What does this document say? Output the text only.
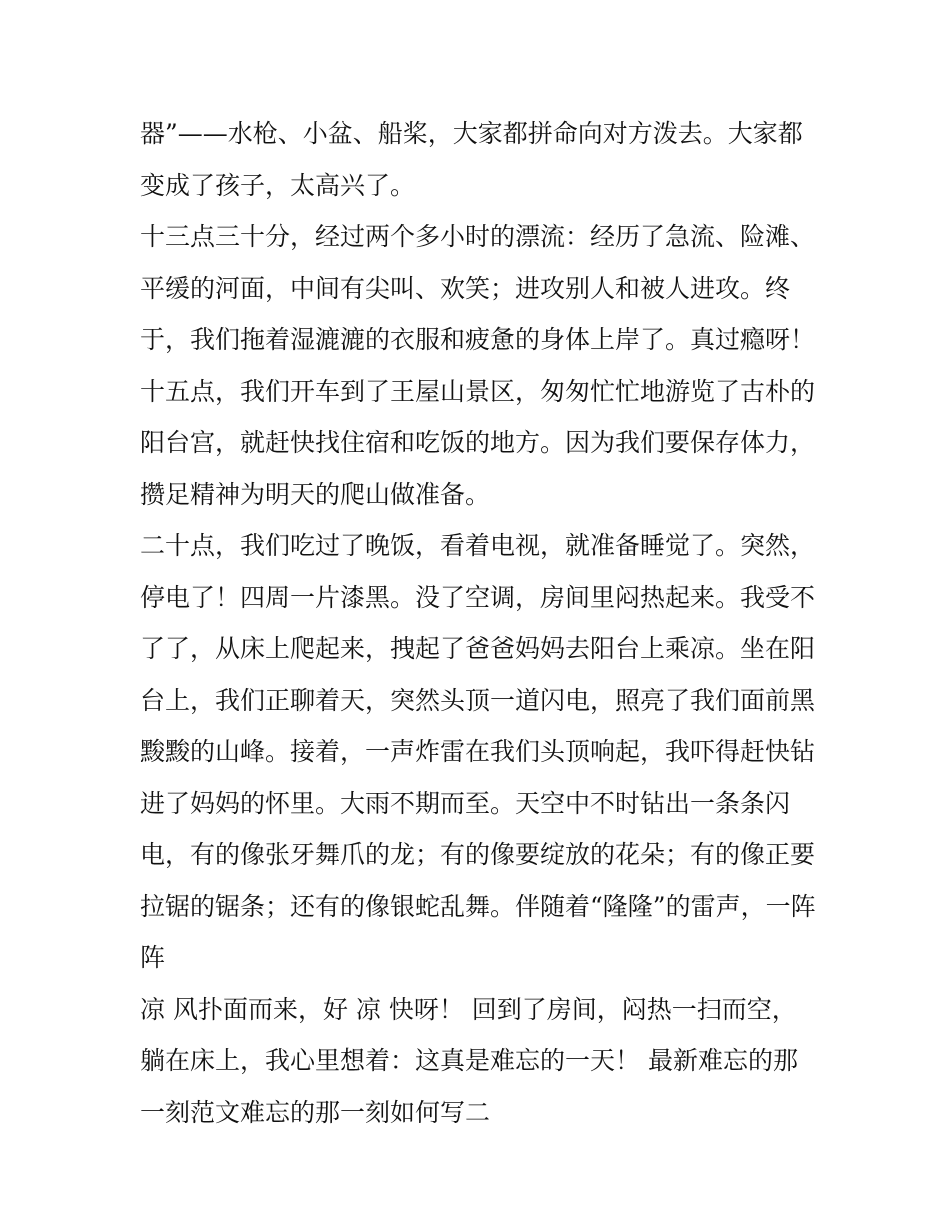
器”——水枪、小盆、船桨，大家都拼命向对方泼去。大家都
变成了孩子，太高兴了。
十三点三十分，经过两个多小时的漂流：经历了急流、险滩、
平缓的河面，中间有尖叫、欢笑；进攻别人和被人进攻。终
于，我们拖着湿漉漉的衣服和疲惫的身体上岸了。真过瘾呀！
十五点，我们开车到了王屋山景区，匆匆忙忙地游览了古朴的
阳台宫，就赶快找住宿和吃饭的地方。因为我们要保存体力，
攒足精神为明天的爬山做准备。
二十点，我们吃过了晚饭，看着电视，就准备睡觉了。突然，
停电了！四周一片漆黑。没了空调，房间里闷热起来。我受不
了了，从床上爬起来，拽起了爸爸妈妈去阳台上乘凉。坐在阳
台上，我们正聊着天，突然头顶一道闪电，照亮了我们面前黑
黢黢的山峰。接着，一声炸雷在我们头顶响起，我吓得赶快钻
进了妈妈的怀里。大雨不期而至。天空中不时钻出一条条闪
电，有的像张牙舞爪的龙；有的像要绽放的花朵；有的像正要
拉锯的锯条；还有的像银蛇乱舞。伴随着“隆隆”的雷声，一阵
阵
凉 风扑面而来，好 凉 快呀！ 回到了房间，闷热一扫而空，
躺在床上，我心里想着：这真是难忘的一天！ 最新难忘的那
一刻范文难忘的那一刻如何写二
